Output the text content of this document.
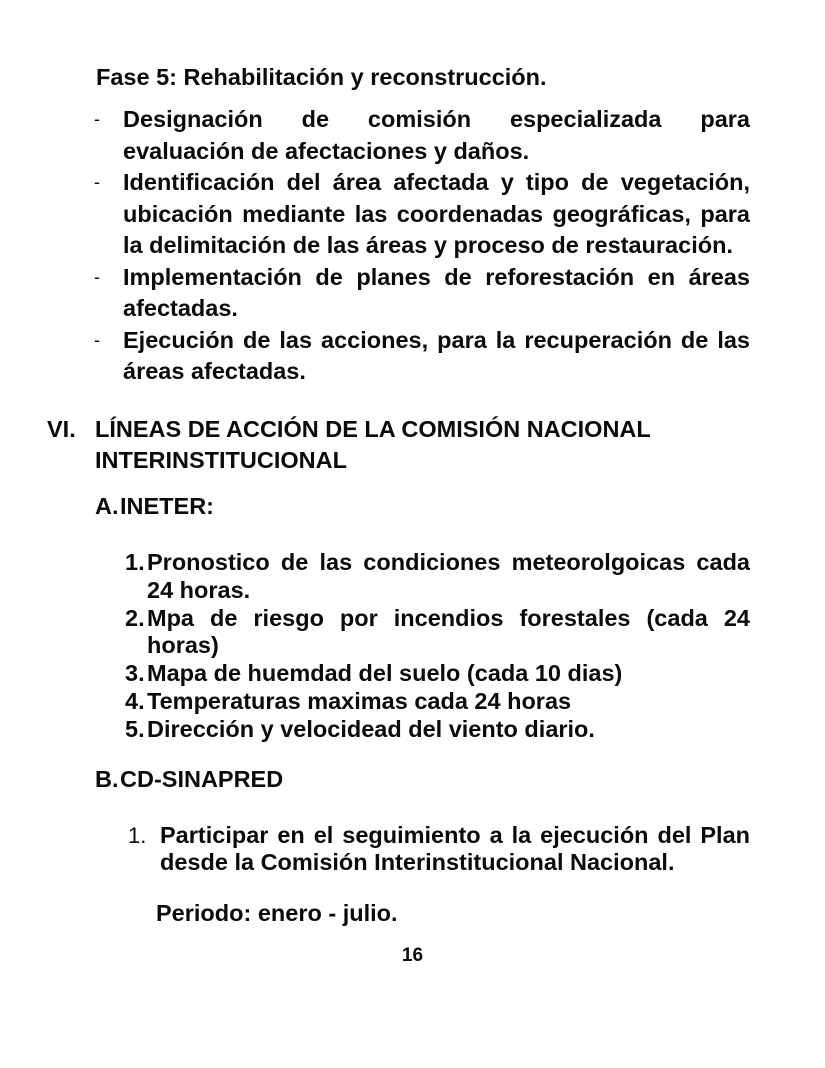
Fase 5: Rehabilitación y reconstrucción.
- Designación de comisión especializada para
evaluación de afectaciones y daños.
- Identificación del área afectada y tipo de vegetación,
ubicación mediante las coordenadas geográficas, para
la delimitación de las áreas y proceso de restauración.
- Implementación de planes de reforestación en áreas
afectadas.
- Ejecución de las acciones, para la recuperación de las
áreas afectadas.
VI. LÍNEAS DE ACCIÓN DE LA COMISIÓN NACIONAL
INTERINSTITUCIONAL
A.INETER:
1. Pronostico de las condiciones meteorolgoicas cada
24 horas.
2. Mpa de riesgo por incendios forestales (cada 24
horas)
3. Mapa de huemdad del suelo (cada 10 dias)
4. Temperaturas maximas cada 24 horas
5. Dirección y velocidead del viento diario.
B.CD-SINAPRED
1. Participar en el seguimiento a la ejecución del Plan
desde la Comisión Interinstitucional Nacional.
Periodo: enero - julio.
16
